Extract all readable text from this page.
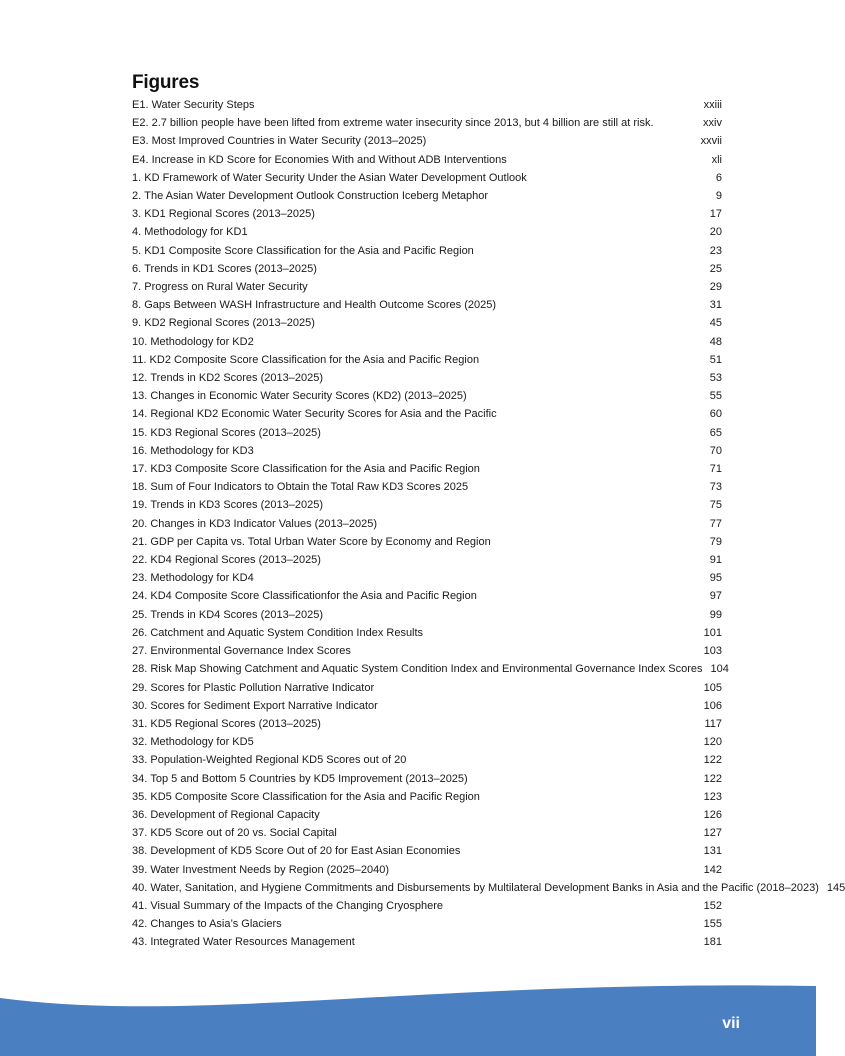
Figures
E1. Water Security Steps	xxiii
E2. 2.7 billion people have been lifted from extreme water insecurity since 2013, but 4 billion are still at risk.	xxiv
E3. Most Improved Countries in Water Security (2013–2025)	xxvii
E4. Increase in KD Score for Economies With and Without ADB Interventions	xli
1. KD Framework of Water Security Under the Asian Water Development Outlook	6
2. The Asian Water Development Outlook Construction Iceberg Metaphor	9
3. KD1 Regional Scores (2013–2025)	17
4. Methodology for KD1	20
5. KD1 Composite Score Classification for the Asia and Pacific Region	23
6. Trends in KD1 Scores (2013–2025)	25
7. Progress on Rural Water Security	29
8. Gaps Between WASH Infrastructure and Health Outcome Scores (2025)	31
9. KD2 Regional Scores (2013–2025)	45
10. Methodology for KD2	48
11. KD2 Composite Score Classification for the Asia and Pacific Region	51
12. Trends in KD2 Scores (2013–2025)	53
13. Changes in Economic Water Security Scores (KD2) (2013–2025)	55
14. Regional KD2 Economic Water Security Scores for Asia and the Pacific	60
15. KD3 Regional Scores (2013–2025)	65
16. Methodology for KD3	70
17. KD3 Composite Score Classification for the Asia and Pacific Region	71
18. Sum of Four Indicators to Obtain the Total Raw KD3 Scores 2025	73
19. Trends in KD3 Scores (2013–2025)	75
20. Changes in KD3 Indicator Values (2013–2025)	77
21. GDP per Capita vs. Total Urban Water Score by Economy and Region	79
22. KD4 Regional Scores (2013–2025)	91
23. Methodology for KD4	95
24. KD4 Composite Score Classificationfor the Asia and Pacific Region	97
25. Trends in KD4 Scores (2013–2025)	99
26. Catchment and Aquatic System Condition Index Results	101
27. Environmental Governance Index Scores	103
28. Risk Map Showing Catchment and Aquatic System Condition Index and Environmental Governance Index Scores 104
29. Scores for Plastic Pollution Narrative Indicator	105
30. Scores for Sediment Export Narrative Indicator	106
31. KD5 Regional Scores (2013–2025)	117
32. Methodology for KD5	120
33. Population-Weighted Regional KD5 Scores out of 20	122
34. Top 5 and Bottom 5 Countries by KD5 Improvement (2013–2025)	122
35. KD5 Composite Score Classification for the Asia and Pacific Region	123
36. Development of Regional Capacity	126
37. KD5 Score out of 20 vs. Social Capital	127
38. Development of KD5 Score Out of 20 for East Asian Economies	131
39. Water Investment Needs by Region (2025–2040)	142
40. Water, Sanitation, and Hygiene Commitments and Disbursements by Multilateral Development Banks in Asia and the Pacific (2018–2023) 145
41. Visual Summary of the Impacts of the Changing Cryosphere	152
42. Changes to Asia’s Glaciers	155
43. Integrated Water Resources Management	181
vii
